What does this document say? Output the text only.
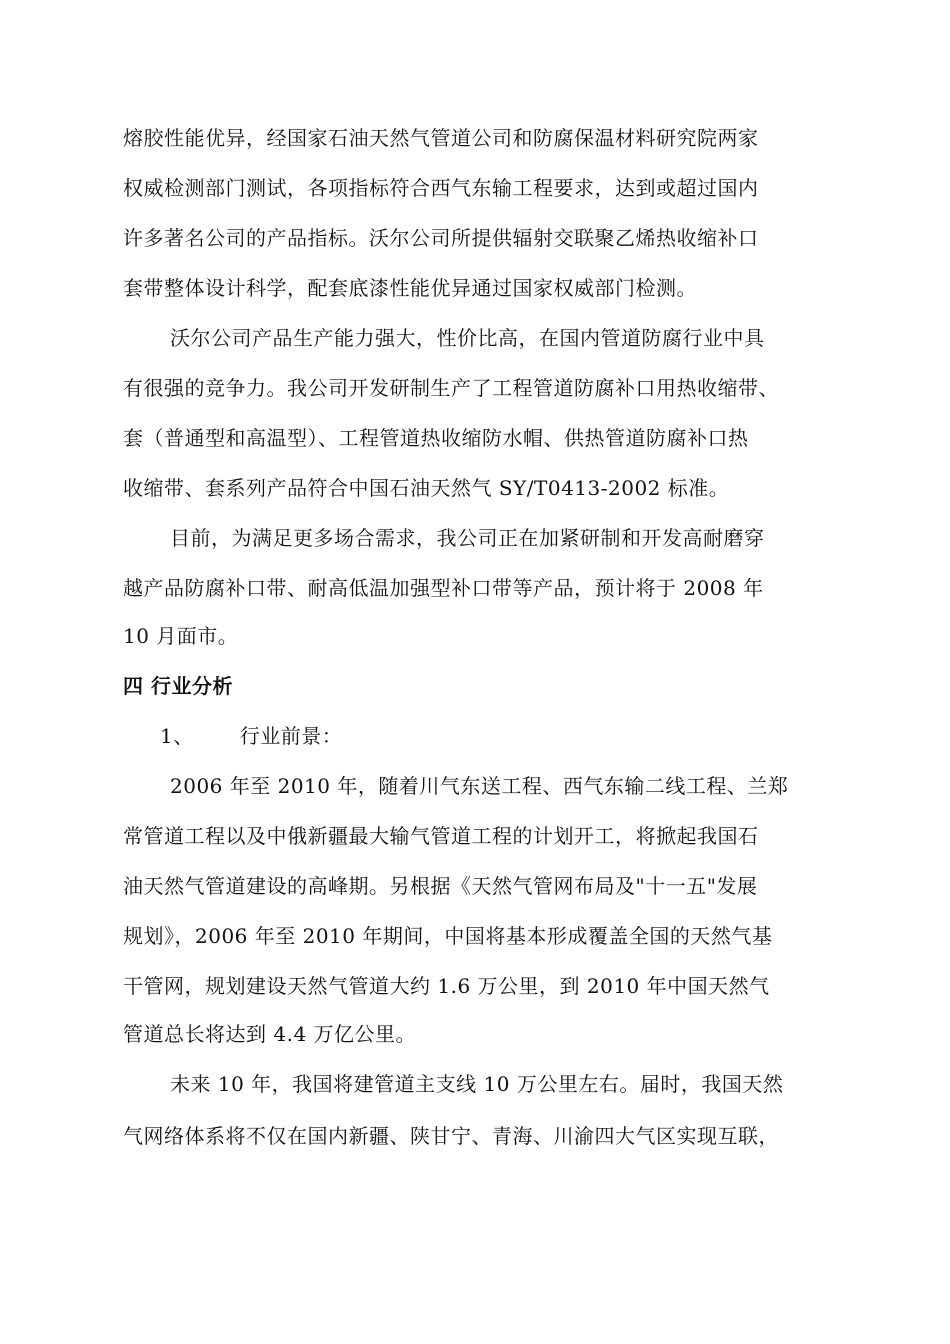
熔胶性能优异，经国家石油天然气管道公司和防腐保温材料研究院两家
权威检测部门测试，各项指标符合西气东输工程要求，达到或超过国内
许多著名公司的产品指标。沃尔公司所提供辐射交联聚乙烯热收缩补口
套带整体设计科学，配套底漆性能优异通过国家权威部门检测。
沃尔公司产品生产能力强大，性价比高，在国内管道防腐行业中具
有很强的竞争力。我公司开发研制生产了工程管道防腐补口用热收缩带、
套（普通型和高温型）、工程管道热收缩防水帽、供热管道防腐补口热
收缩带、套系列产品符合中国石油天然气 SY/T0413-2002 标准。
目前，为满足更多场合需求，我公司正在加紧研制和开发高耐磨穿
越产品防腐补口带、耐高低温加强型补口带等产品，预计将于 2008 年
10 月面市。
四 行业分析
1、 行业前景：
2006 年至 2010 年，随着川气东送工程、西气东输二线工程、兰郑
常管道工程以及中俄新疆最大输气管道工程的计划开工，将掀起我国石
油天然气管道建设的高峰期。另根据《天然气管网布局及"十一五"发展
规划》，2006 年至 2010 年期间，中国将基本形成覆盖全国的天然气基
干管网，规划建设天然气管道大约 1.6 万公里，到 2010 年中国天然气
管道总长将达到 4.4 万亿公里。
未来 10 年，我国将建管道主支线 10 万公里左右。届时，我国天然
气网络体系将不仅在国内新疆、陕甘宁、青海、川渝四大气区实现互联，
